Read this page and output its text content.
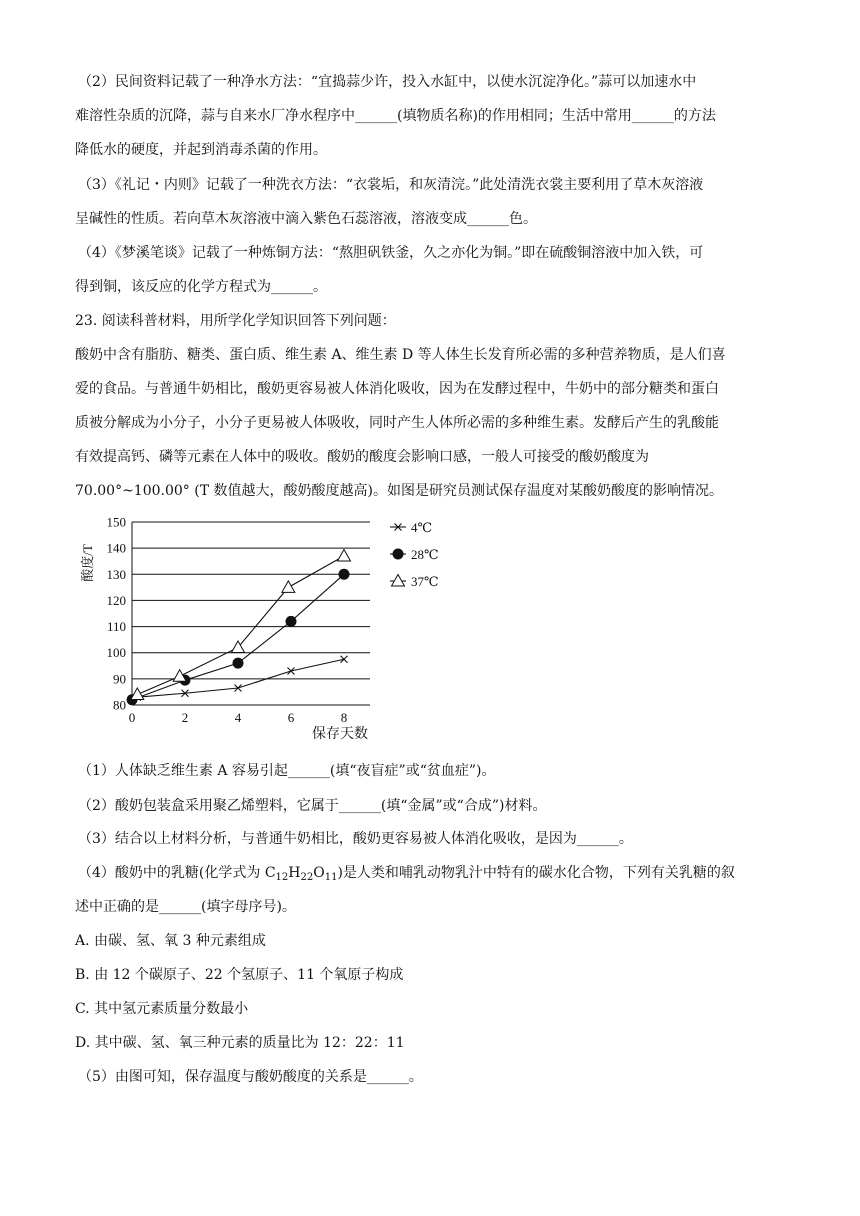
（2）民间资料记载了一种净水方法：“宜捣蒜少许，投入水缸中，以使水沉淀净化。”蒜可以加速水中
难溶性杂质的沉降，蒜与自来水厂净水程序中______(填物质名称)的作用相同；生活中常用______的方法
降低水的硬度，并起到消毒杀菌的作用。
（3）《礼记・内则》记载了一种洗衣方法：“衣裳垢，和灰清浣。”此处清洗衣裳主要利用了草木灰溶液
呈碱性的性质。若向草木灰溶液中滴入紫色石蕊溶液，溶液变成______色。
（4）《梦溪笔谈》记载了一种炼铜方法：“熬胆矾铁釜，久之亦化为铜。”即在硫酸铜溶液中加入铁，可
得到铜，该反应的化学方程式为______。
23. 阅读科普材料，用所学化学知识回答下列问题：
酸奶中含有脂肪、糖类、蛋白质、维生素 A、维生素 D 等人体生长发育所必需的多种营养物质，是人们喜
爱的食品。与普通牛奶相比，酸奶更容易被人体消化吸收，因为在发酵过程中，牛奶中的部分糖类和蛋白
质被分解成为小分子，小分子更易被人体吸收，同时产生人体所必需的多种维生素。发酵后产生的乳酸能
有效提高钙、磷等元素在人体中的吸收。酸奶的酸度会影响口感，一般人可接受的酸奶酸度为
70.00°~100.00° (T 数值越大，酸奶酸度越高)。如图是研究员测试保存温度对某酸奶酸度的影响情况。
80
90
100
110
120
130
140
150
0	2	4	6	8
4℃
28℃
37℃
酸度/T
保存天数
（1）人体缺乏维生素 A 容易引起______(填“夜盲症”或“贫血症”)。
（2）酸奶包装盒采用聚乙烯塑料，它属于______(填“金属”或“合成”)材料。
（3）结合以上材料分析，与普通牛奶相比，酸奶更容易被人体消化吸收，是因为______。
（4）酸奶中的乳糖(化学式为 $C_{12}H_{22}O_{11}$)是人类和哺乳动物乳汁中特有的碳水化合物，下列有关乳糖的叙
述中正确的是______(填字母序号)。
A. 由碳、氢、氧 3 种元素组成
B. 由 12 个碳原子、22 个氢原子、11 个氧原子构成
C. 其中氢元素质量分数最小
D. 其中碳、氢、氧三种元素的质量比为 12：22：11
（5）由图可知，保存温度与酸奶酸度的关系是______。
